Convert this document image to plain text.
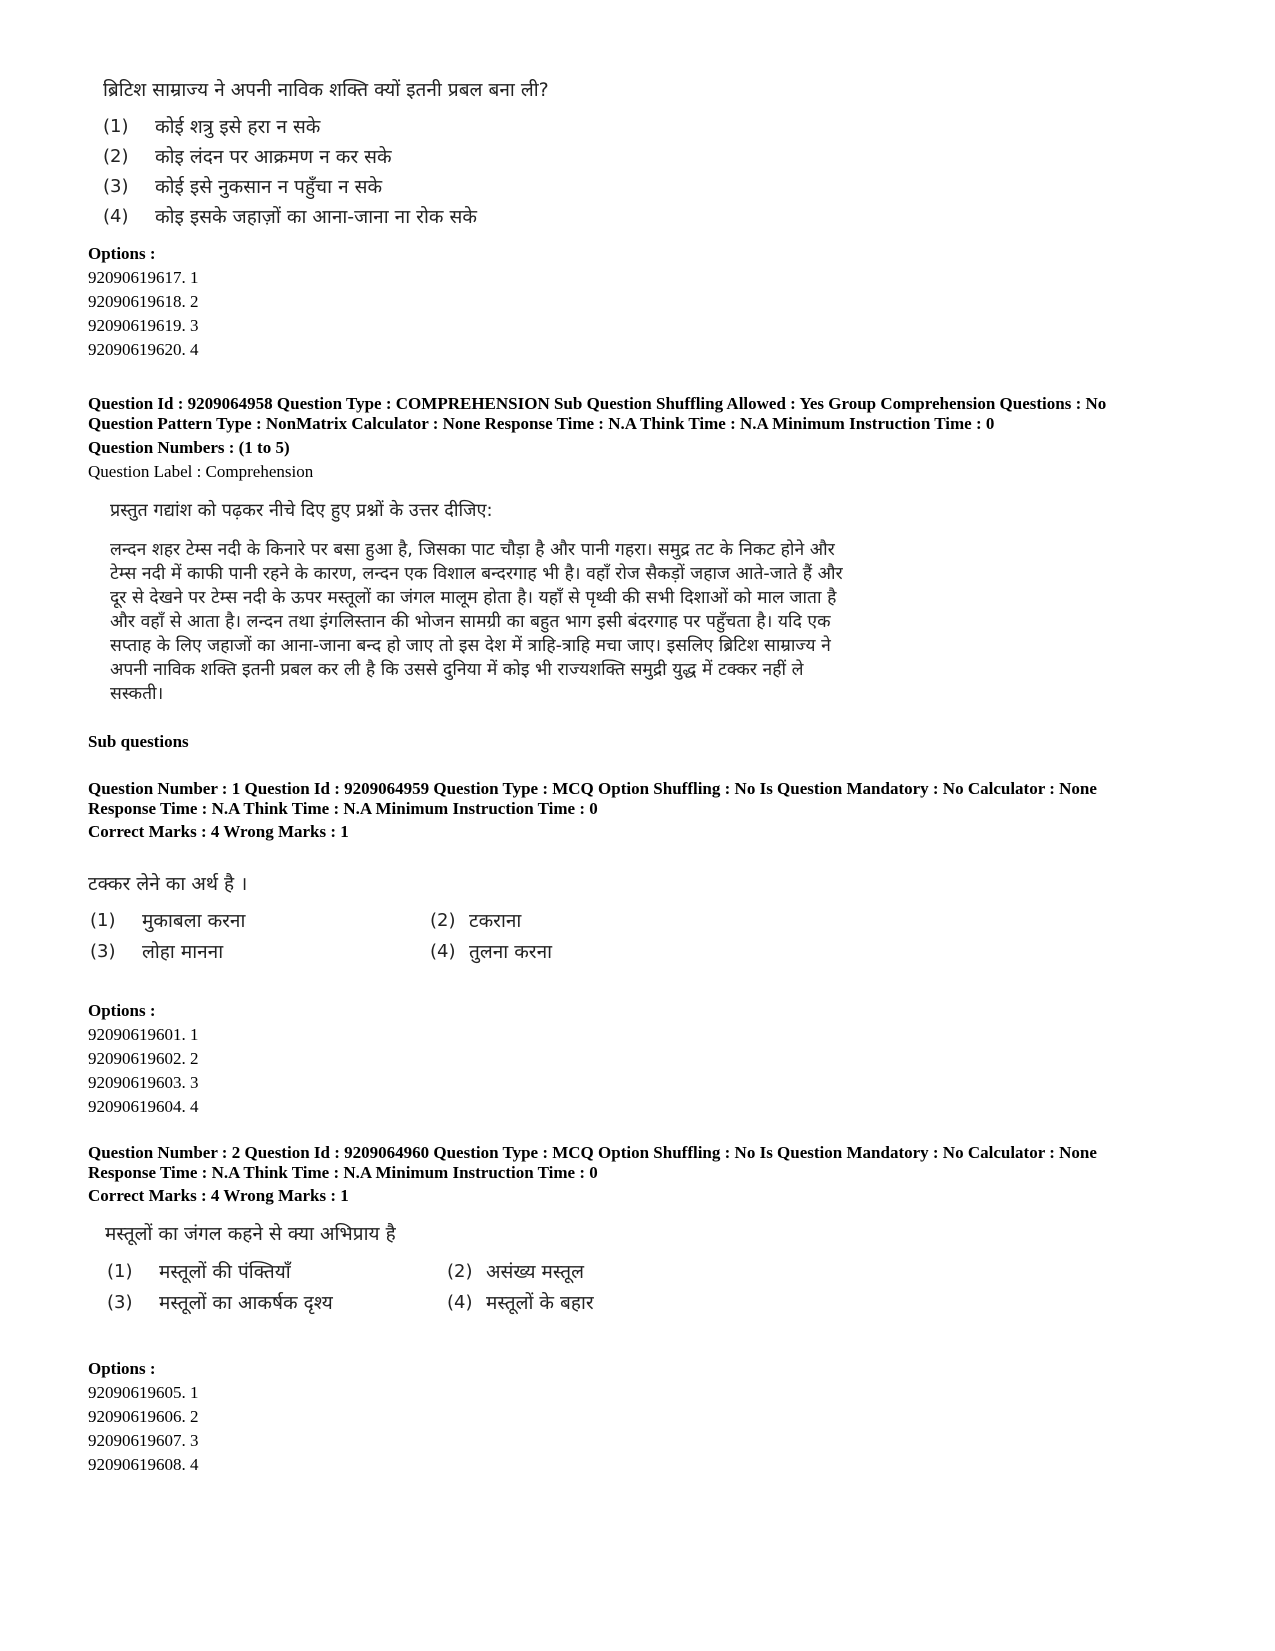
ब्रिटिश साम्राज्य ने अपनी नाविक शक्ति क्यों इतनी प्रबल बना ली?
(1) कोई शत्रु इसे हरा न सके
(2) कोइ लंदन पर आक्रमण न कर सके
(3) कोई इसे नुकसान न पहुँचा न सके
(4) कोइ इसके जहाज़ों का आना-जाना ना रोक सके
Options :
92090619617. 1
92090619618. 2
92090619619. 3
92090619620. 4
Question Id : 9209064958 Question Type : COMPREHENSION Sub Question Shuffling Allowed : Yes Group Comprehension Questions : No
Question Pattern Type : NonMatrix Calculator : None Response Time : N.A Think Time : N.A Minimum Instruction Time : 0
Question Numbers : (1 to 5)
Question Label : Comprehension
प्रस्तुत गद्यांश को पढ़कर नीचे दिए हुए प्रश्नों के उत्तर दीजिए:

लन्दन शहर टेम्स नदी के किनारे पर बसा हुआ है, जिसका पाट चौड़ा है और पानी गहरा। समुद्र तट के निकट होने और टेम्स नदी में काफी पानी रहने के कारण, लन्दन एक विशाल बन्दरगाह भी है। वहाँ रोज सैकड़ों जहाज आते-जाते हैं और दूर से देखने पर टेम्स नदी के ऊपर मस्तूलों का जंगल मालूम होता है। यहाँ से पृथ्वी की सभी दिशाओं को माल जाता है और वहाँ से आता है। लन्दन तथा इंगलिस्तान की भोजन सामग्री का बहुत भाग इसी बंदरगाह पर पहुँचता है। यदि एक सप्ताह के लिए जहाजों का आना-जाना बन्द हो जाए तो इस देश में त्राहि-त्राहि मचा जाए। इसलिए ब्रिटिश साम्राज्य ने अपनी नाविक शक्ति इतनी प्रबल कर ली है कि उससे दुनिया में कोइ भी राज्यशक्ति समुद्री युद्ध में टक्कर नहीं ले सस्कती।

Sub questions
Question Number : 1 Question Id : 9209064959 Question Type : MCQ Option Shuffling : No Is Question Mandatory : No Calculator : None
Response Time : N.A Think Time : N.A Minimum Instruction Time : 0
Correct Marks : 4 Wrong Marks : 1
टक्कर लेने का अर्थ है ।
(1) मुकाबला करना	(2) टकराना
(3) लोहा मानना	(4) तुलना करना
Options :
92090619601. 1
92090619602. 2
92090619603. 3
92090619604. 4
Question Number : 2 Question Id : 9209064960 Question Type : MCQ Option Shuffling : No Is Question Mandatory : No Calculator : None
Response Time : N.A Think Time : N.A Minimum Instruction Time : 0
Correct Marks : 4 Wrong Marks : 1
मस्तूलों का जंगल कहने से क्या अभिप्राय है
(1) मस्तूलों की पंक्तियाँ	(2) असंख्य मस्तूल
(3) मस्तूलों का आकर्षक दृश्य	(4) मस्तूलों के बहार
Options :
92090619605. 1
92090619606. 2
92090619607. 3
92090619608. 4
